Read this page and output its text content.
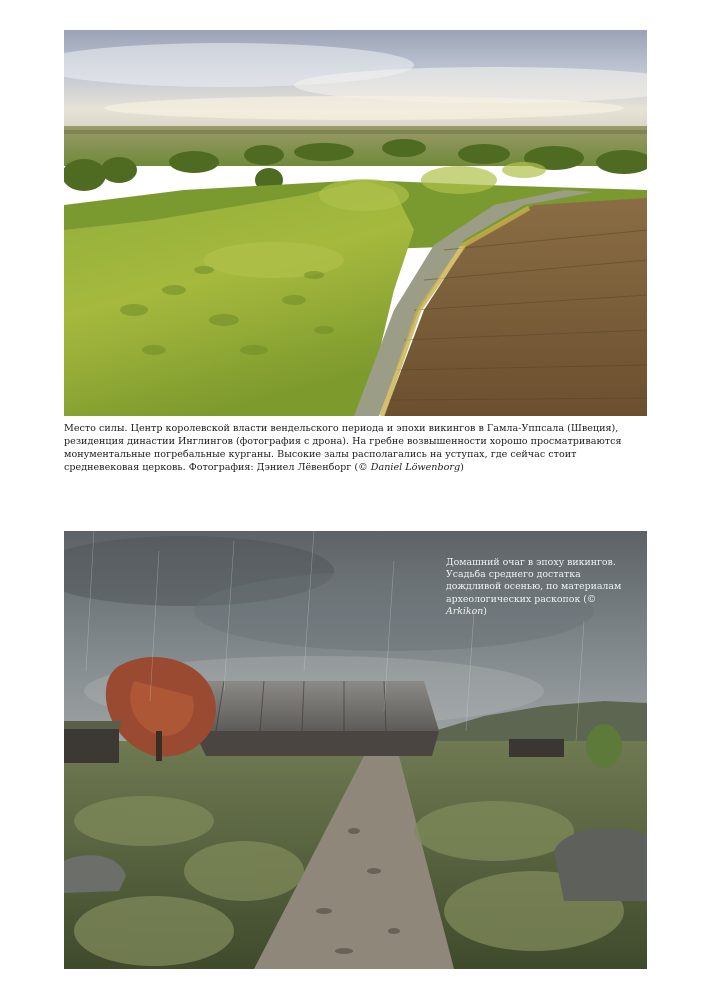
Место силы. Центр королевской власти вендельского периода и эпохи викингов в Гамла-Уппсала (Швеция), резиденция династии Инглингов (фотография с дрона). На гребне возвышенности хорошо просматриваются монументальные погребальные курганы. Высокие залы располагались на уступах, где сейчас стоит средневековая церковь. Фотография: Дэниел Лёвенборг (© Daniel Löwenborg)
Домашний очаг в эпоху викингов. Усадьба среднего достатка дождливой осенью, по материалам археологических раскопок (© Arkikon)
